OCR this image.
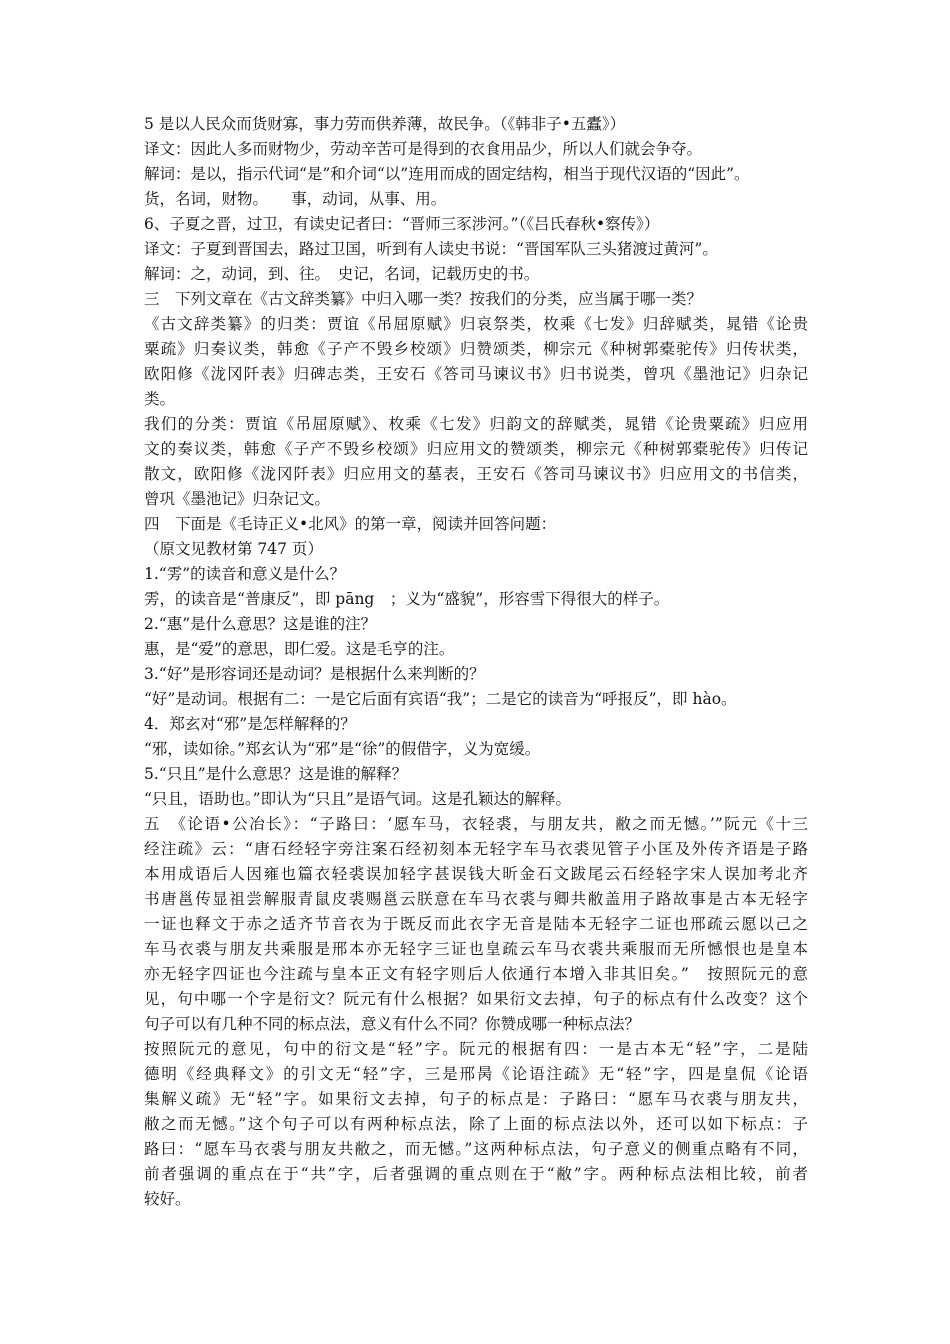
5 是以人民众而货财寡，事力劳而供养薄，故民争。（《韩非子•五蠹》）
译文：因此人多而财物少，劳动辛苦可是得到的衣食用品少，所以人们就会争夺。
解词：是以，指示代词“是”和介词“以”连用而成的固定结构，相当于现代汉语的“因此”。
货，名词，财物。　　事，动词，从事、用。
6、子夏之晋，过卫，有读史记者曰：“晋师三豕涉河。”（《吕氏春秋•察传》）
译文：子夏到晋国去，路过卫国，听到有人读史书说：“晋国军队三头猪渡过黄河”。
解词：之，动词，到、往。　史记，名词，记载历史的书。
三　下列文章在《古文辞类纂》中归入哪一类？按我们的分类，应当属于哪一类？
《古文辞类纂》的归类：贾谊《吊屈原赋》归哀祭类，枚乘《七发》归辞赋类，晁错《论贵
粟疏》归奏议类，韩愈《子产不毁乡校颂》归赞颂类，柳宗元《种树郭橐驼传》归传状类，
欧阳修《泷冈阡表》归碑志类，王安石《答司马谏议书》归书说类，曾巩《墨池记》归杂记
类。
我们的分类：贾谊《吊屈原赋》、枚乘《七发》归韵文的辞赋类，晁错《论贵粟疏》归应用
文的奏议类，韩愈《子产不毁乡校颂》归应用文的赞颂类，柳宗元《种树郭橐驼传》归传记
散文，欧阳修《泷冈阡表》归应用文的墓表，王安石《答司马谏议书》归应用文的书信类，
曾巩《墨池记》归杂记文。
四　下面是《毛诗正义•北风》的第一章，阅读并回答问题：
（原文见教材第 747 页）
1.“雱”的读音和意义是什么？
雱，的读音是“普康反”，即 pāng　；义为“盛貌”，形容雪下得很大的样子。
2.“惠”是什么意思？这是谁的注？
惠，是“爱”的意思，即仁爱。这是毛亨的注。
3.“好”是形容词还是动词？是根据什么来判断的？
“好”是动词。根据有二：一是它后面有宾语“我”；二是它的读音为“呼报反”，即 hào。
4．郑玄对“邪”是怎样解释的？
“邪，读如徐。”郑玄认为“邪”是“徐”的假借字，义为宽缓。
5.“只且”是什么意思？这是谁的解释？
“只且，语助也。”即认为“只且”是语气词。这是孔颖达的解释。
五　《论语•公冶长》：“子路曰：‘愿车马，衣轻裘，与朋友共，敝之而无憾。’”阮元《十三
经注疏》云：“唐石经轻字旁注案石经初刻本无轻字车马衣裘见管子小匡及外传齐语是子路
本用成语后人因雍也篇衣轻裘误加轻字甚误钱大昕金石文跋尾云石经轻字宋人误加考北齐
书唐邕传显祖尝解服青鼠皮裘赐邕云朕意在车马衣裘与卿共敝盖用子路故事是古本无轻字
一证也释文于赤之适齐节音衣为于既反而此衣字无音是陆本无轻字二证也邢疏云愿以己之
车马衣裘与朋友共乘服是邢本亦无轻字三证也皇疏云车马衣裘共乘服而无所憾恨也是皇本
亦无轻字四证也今注疏与皇本正文有轻字则后人依通行本增入非其旧矣。”　按照阮元的意
见，句中哪一个字是衍文？阮元有什么根据？如果衍文去掉，句子的标点有什么改变？这个
句子可以有几种不同的标点法，意义有什么不同？你赞成哪一种标点法？
按照阮元的意见，句中的衍文是“轻”字。阮元的根据有四：一是古本无“轻”字，二是陆
德明《经典释文》的引文无“轻”字，三是邢昺《论语注疏》无“轻”字，四是皇侃《论语
集解义疏》无“轻”字。如果衍文去掉，句子的标点是：子路曰：“愿车马衣裘与朋友共，
敝之而无憾。”这个句子可以有两种标点法，除了上面的标点法以外，还可以如下标点：子
路曰：“愿车马衣裘与朋友共敝之，而无憾。”这两种标点法，句子意义的侧重点略有不同，
前者强调的重点在于“共”字，后者强调的重点则在于“敝”字。两种标点法相比较，前者
较好。
